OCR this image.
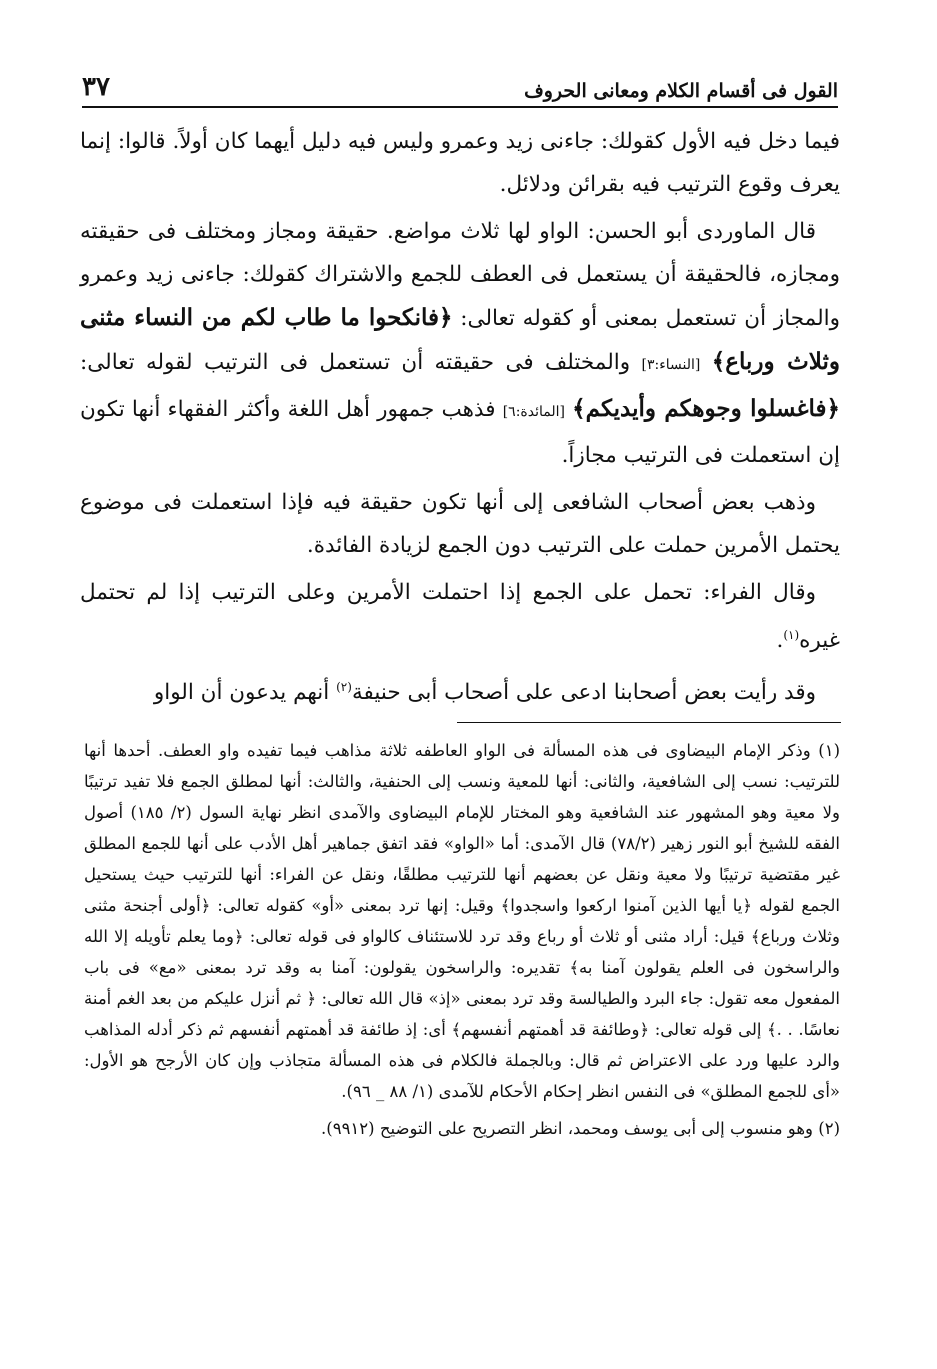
القول فى أقسام الكلام ومعانى الحروف
٣٧

فيما دخل فيه الأول كقولك: جاءنى زيد وعمرو وليس فيه دليل أيهما كان أولاً. قالوا: إنما يعرف وقوع الترتيب فيه بقرائن ودلائل.

قال الماوردى أبو الحسن: الواو لها ثلاث مواضع. حقيقة ومجاز ومختلف فى حقيقته ومجازه، فالحقيقة أن يستعمل فى العطف للجمع والاشتراك كقولك: جاءنى زيد وعمرو والمجاز أن تستعمل بمعنى أو كقوله تعالى: ﴿فانكحوا ما طاب لكم من النساء مثنى وثلاث ورباع﴾ [النساء:٣] والمختلف فى حقيقته أن تستعمل فى الترتيب لقوله تعالى: ﴿فاغسلوا وجوهكم وأيديكم﴾ [المائدة:٦] فذهب جمهور أهل اللغة وأكثر الفقهاء أنها تكون إن استعملت فى الترتيب مجازاً.

وذهب بعض أصحاب الشافعى إلى أنها تكون حقيقة فيه فإذا استعملت فى موضوع يحتمل الأمرين حملت على الترتيب دون الجمع لزيادة الفائدة.

وقال الفراء: تحمل على الجمع إذا احتملت الأمرين وعلى الترتيب إذا لم تحتمل غيره$^{(١)}$.

وقد رأيت بعض أصحابنا ادعى على أصحاب أبى حنيفة$^{(٢)}$ أنهم يدعون أن الواو

(١) وذكر الإمام البيضاوى فى هذه المسألة فى الواو العاطفه ثلاثة مذاهب فيما تفيده واو العطف. أحدها أنها للترتيب: نسب إلى الشافعية، والثانى: أنها للمعية ونسب إلى الحنفية، والثالث: أنها لمطلق الجمع فلا تفيد ترتيبًا ولا معية وهو المشهور عند الشافعية وهو المختار للإمام البيضاوى والآمدى انظر نهاية السول (٢/ ١٨٥) أصول الفقه للشيخ أبو النور زهير (٧٨/٢) قال الآمدى: أما «الواو» فقد اتفق جماهير أهل الأدب على أنها للجمع المطلق غير مقتضية ترتيبًا ولا معية ونقل عن بعضهم أنها للترتيب مطلقًا، ونقل عن الفراء: أنها للترتيب حيث يستحيل الجمع لقوله ﴿يا أيها الذين آمنوا اركعوا واسجدوا﴾ وقيل: إنها ترد بمعنى «أو» كقوله تعالى: ﴿أولى أجنحة مثنى وثلاث ورباع﴾ قيل: أراد مثنى أو ثلاث أو رباع وقد ترد للاستئناف كالواو فى قوله تعالى: ﴿وما يعلم تأويله إلا الله والراسخون فى العلم يقولون آمنا به﴾ تقديره: والراسخون يقولون: آمنا به وقد ترد بمعنى «مع» فى باب المفعول معه تقول: جاء البرد والطيالسة وقد ترد بمعنى «إذ» قال الله تعالى: ﴿ ثم أنزل عليكم من بعد الغم أمنة نعاسًا. . .﴾ إلى قوله تعالى: ﴿وطائفة قد أهمتهم أنفسهم﴾ أى: إذ طائفة قد أهمتهم أنفسهم ثم ذكر أدله المذاهب والرد عليها ورد على الاعتراض ثم قال: وبالجملة فالكلام فى هذه المسألة متجاذب وإن كان الأرجح هو الأول: «أى للجمع المطلق» فى النفس انظر إحكام الأحكام للآمدى (١/ ٨٨ _ ٩٦).

(٢) وهو منسوب إلى أبى يوسف ومحمد، انظر التصريح على التوضيح (٩٩١٢).
